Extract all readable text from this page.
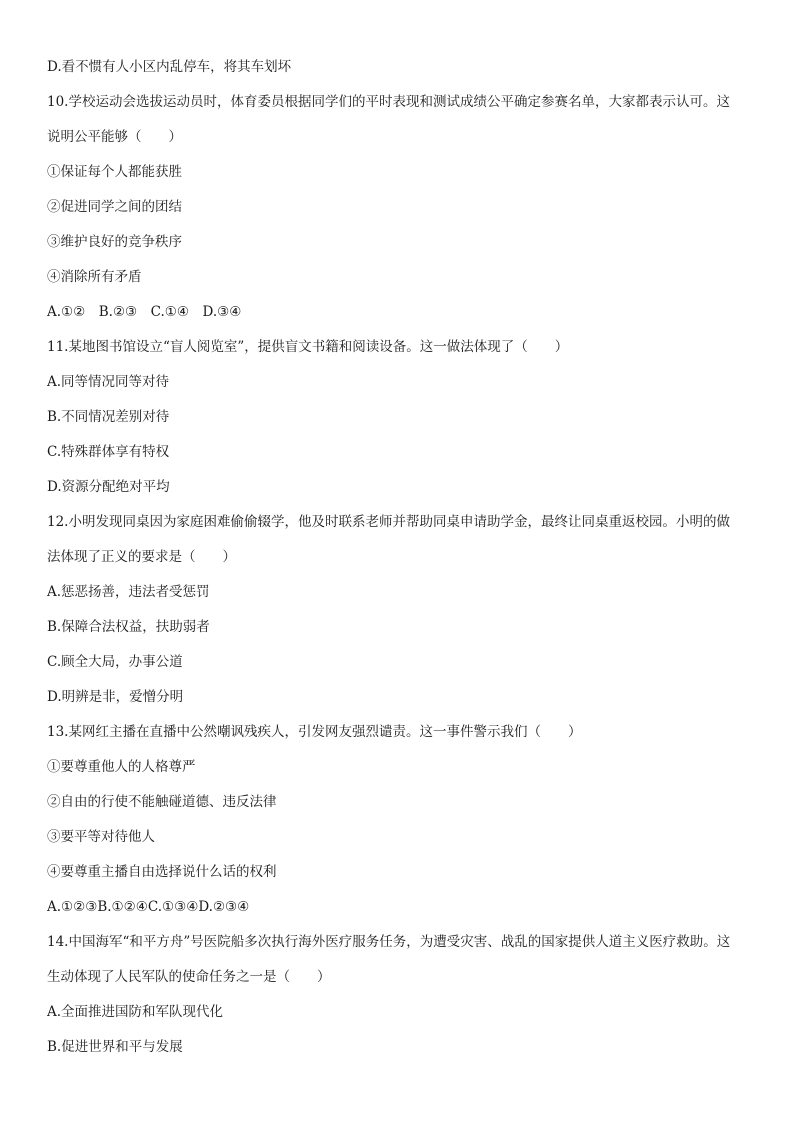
D.看不惯有人小区内乱停车，将其车划坏
10.学校运动会选拔运动员时，体育委员根据同学们的平时表现和测试成绩公平确定参赛名单，大家都表示认可。这
说明公平能够（　　）
①保证每个人都能获胜
②促进同学之间的团结
③维护良好的竞争秩序
④消除所有矛盾
A.①②　B.②③　C.①④　D.③④
11.某地图书馆设立“盲人阅览室”，提供盲文书籍和阅读设备。这一做法体现了（　　）
A.同等情况同等对待
B.不同情况差别对待
C.特殊群体享有特权
D.资源分配绝对平均
12.小明发现同桌因为家庭困难偷偷辍学，他及时联系老师并帮助同桌申请助学金，最终让同桌重返校园。小明的做
法体现了正义的要求是（　　）
A.惩恶扬善，违法者受惩罚
B.保障合法权益，扶助弱者
C.顾全大局，办事公道
D.明辨是非，爱憎分明
13.某网红主播在直播中公然嘲讽残疾人，引发网友强烈谴责。这一事件警示我们（　　）
①要尊重他人的人格尊严
②自由的行使不能触碰道德、违反法律
③要平等对待他人
④要尊重主播自由选择说什么话的权利
A.①②③B.①②④C.①③④D.②③④
14.中国海军“和平方舟”号医院船多次执行海外医疗服务任务，为遭受灾害、战乱的国家提供人道主义医疗救助。这
生动体现了人民军队的使命任务之一是（　　）
A.全面推进国防和军队现代化
B.促进世界和平与发展
